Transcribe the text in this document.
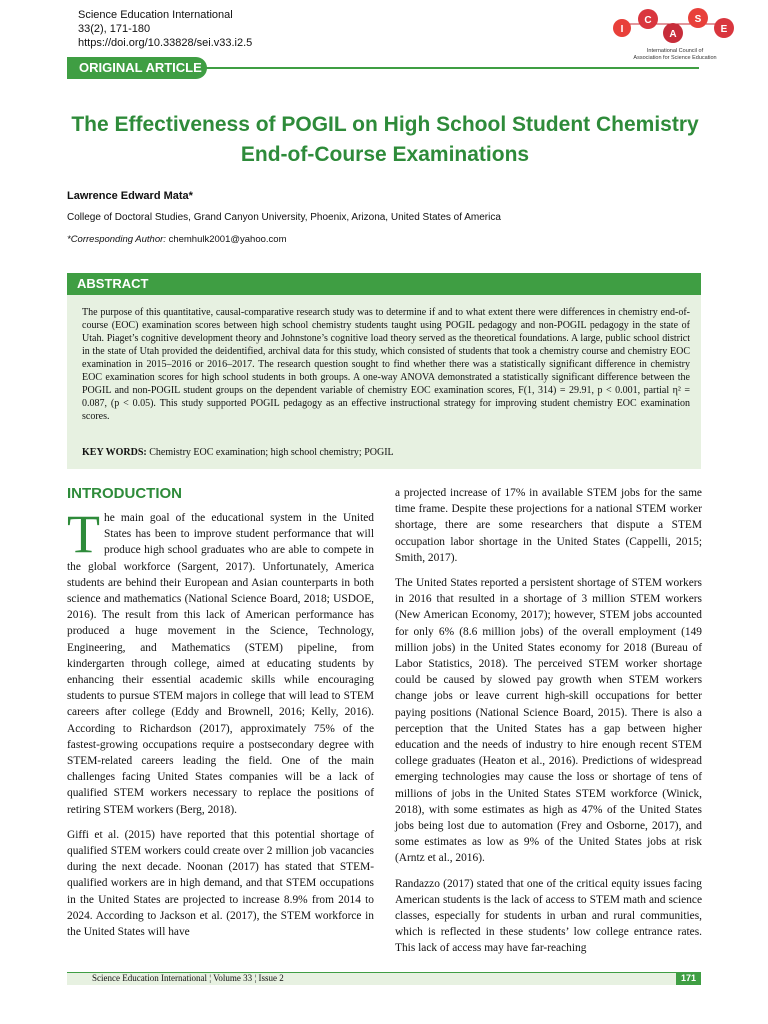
Science Education International
33(2), 171-180
https://doi.org/10.33828/sei.v33.i2.5
I
C
A
S
E
International Council of
Association for Science Education
ORIGINAL ARTICLE
The Effectiveness of POGIL on High School Student Chemistry
End-of-Course Examinations
Lawrence Edward Mata*
College of Doctoral Studies, Grand Canyon University, Phoenix, Arizona, United States of America
*Corresponding Author: chemhulk2001@yahoo.com
ABSTRACT
The purpose of this quantitative, causal-comparative research study was to determine if and to what extent there were differences in chemistry end-of-course (EOC) examination scores between high school chemistry students taught using POGIL pedagogy and non-POGIL pedagogy in the state of Utah. Piaget’s cognitive development theory and Johnstone’s cognitive load theory served as the theoretical foundations. A large, public school district in the state of Utah provided the deidentified, archival data for this study, which consisted of students that took a chemistry course and chemistry EOC examination in 2015–2016 or 2016–2017. The research question sought to find whether there was a statistically significant difference in chemistry EOC examination scores for high school students in both groups. A one-way ANOVA demonstrated a statistically significant difference between the POGIL and non-POGIL student groups on the dependent variable of chemistry EOC examination scores, F(1, 314) = 29.91, p < 0.001, partial η² = 0.087, (p < 0.05). This study supported POGIL pedagogy as an effective instructional strategy for improving student chemistry EOC examination scores.
KEY WORDS: Chemistry EOC examination; high school chemistry; POGIL
INTRODUCTION

The main goal of the educational system in the United States has been to improve student performance that will produce high school graduates who are able to compete in the global workforce (Sargent, 2017). Unfortunately, America students are behind their European and Asian counterparts in both science and mathematics (National Science Board, 2018; USDOE, 2016). The result from this lack of American performance has produced a huge movement in the Science, Technology, Engineering, and Mathematics (STEM) pipeline, from kindergarten through college, aimed at educating students by enhancing their essential academic skills while encouraging students to pursue STEM majors in college that will lead to STEM careers after college (Eddy and Brownell, 2016; Kelly, 2016). According to Richardson (2017), approximately 75% of the fastest-growing occupations require a postsecondary degree with STEM-related careers leading the field. One of the main challenges facing United States companies will be a lack of qualified STEM workers necessary to replace the positions of retiring STEM workers (Berg, 2018).

Giffi et al. (2015) have reported that this potential shortage of qualified STEM workers could create over 2 million job vacancies during the next decade. Noonan (2017) has stated that STEM-qualified workers are in high demand, and that STEM occupations in the United States are projected to increase 8.9% from 2014 to 2024. According to Jackson et al. (2017), the STEM workforce in the United States will have

a projected increase of 17% in available STEM jobs for the same time frame. Despite these projections for a national STEM worker shortage, there are some researchers that dispute a STEM occupation labor shortage in the United States (Cappelli, 2015; Smith, 2017).

The United States reported a persistent shortage of STEM workers in 2016 that resulted in a shortage of 3 million STEM workers (New American Economy, 2017); however, STEM jobs accounted for only 6% (8.6 million jobs) of the overall employment (149 million jobs) in the United States economy for 2018 (Bureau of Labor Statistics, 2018). The perceived STEM worker shortage could be caused by slowed pay growth when STEM workers change jobs or leave current high-skill occupations for better paying positions (National Science Board, 2015). There is also a perception that the United States has a gap between higher education and the needs of industry to hire enough recent STEM college graduates (Heaton et al., 2016). Predictions of widespread emerging technologies may cause the loss or shortage of tens of millions of jobs in the United States STEM workforce (Winick, 2018), with some estimates as high as 47% of the United States jobs being lost due to automation (Frey and Osborne, 2017), and some estimates as low as 9% of the United States jobs at risk (Arntz et al., 2016).

Randazzo (2017) stated that one of the critical equity issues facing American students is the lack of access to STEM math and science classes, especially for students in urban and rural communities, which is reflected in these students’ low college entrance rates. This lack of access may have far-reaching

Science Education International ¦ Volume 33 ¦ Issue 2	171
